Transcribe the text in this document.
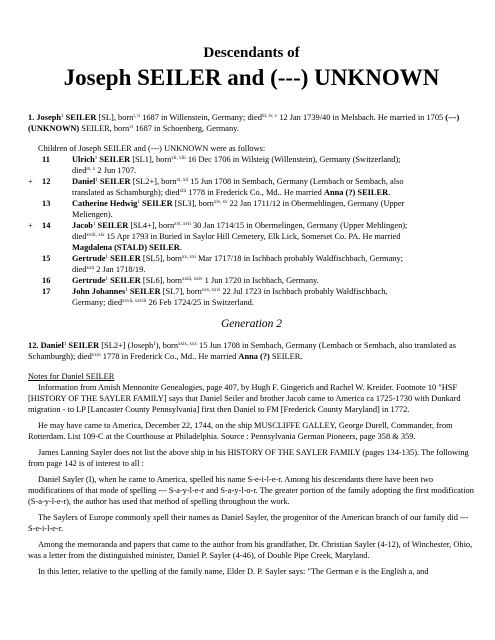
Descendants of
Joseph SEILER and (---) UNKNOWN

1. Joseph$^1$ SEILER [SL], born$^{i, ii}$ 1687 in Willenstein, Germany; died$^{iii, iv, v}$ 12 Jan 1739/40 in Melsbach. He married in 1705 (---) (UNKNOWN) SEILER, born$^{vi}$ 1687 in Schoenberg, Germany.

Children of Joseph SEILER and (---) UNKNOWN were as follows:

	11	Ulrich$^1$ SEILER [SL1], born$^{vii, viii}$ 16 Dec 1706 in Wilsteig (Willenstein), Germany (Switzerland);
died$^{ix, x}$ 2 Jun 1707.

+	12	Daniel$^1$ SEILER [SL2+], born$^{xi, xii}$ 15 Jun 1708 in Sembach, Germany (Lembach or Sembach, also
translated as Schamburgh); died$^{xiii}$ 1778 in Frederick Co., Md.. He married Anna (?) SEILER.

	13	Catherine Hedwig$^1$ SEILER [SL3], born$^{xiv, xv}$ 22 Jan 1711/12 in Obermehlingen, Germany (Upper
Meliengen).

+	14	Jacob$^1$ SEILER [SL4+], born$^{xvi, xvii}$ 30 Jan 1714/15 in Obermelingen, Germany (Upper Mehlingen);
died$^{xviii, xix}$ 15 Apr 1793 in Buried in Saylor Hill Cemetery, Elk Lick, Somerset Co. PA. He married
Magdalena (STALD) SEILER.

	15	Gertrude$^1$ SEILER [SL5], born$^{xx, xxi}$ Mar 1717/18 in Ischbach probably Waldfischbach, Germany;
died$^{xxii}$ 2 Jan 1718/19.

	16	Gertrude$^1$ SEILER [SL6], born$^{xxiii, xxiv}$ 1 Jun 1720 in Ischbach, Germany.

	17	John Johannes$^1$ SEILER [SL7], born$^{xxv, xxvi}$ 22 Jul 1723 in Ischbach probably Waldfischbach,
Germany; died$^{xxvii, xxviii}$ 26 Feb 1724/25 in Switzerland.

Generation 2

12. Daniel$^1$ SEILER [SL2+] (Joseph$^1$), born$^{xxix, xxx}$ 15 Jun 1708 in Sembach, Germany (Lembach or Sembach, also translated as Schamburgh); died$^{xxxi}$ 1778 in Frederick Co., Md.. He married Anna (?) SEILER.

Notes for Daniel SEILER

Information from Amish Mennonite Genealogies, page 407, by Hugh F. Gingerich and Rachel W. Kreider. Footnote 10 "HSF [HISTORY OF THE SAYLER FAMILY] says that Daniel Seiler and brother Jacob came to America ca 1725-1730 with Dunkard migration - to LP [Lancaster County Pennsylvania] first then Daniel to FM [Frederick County Maryland] in 1772.

He may have came to America, December 22, 1744, on the ship MUSCLIFFE GALLEY, George Durell, Commander, from Rotterdam. List 109-C at the Courthouse at Philadelphia. Source : Pennsylvania German Pioneers, page 358 & 359.

James Lanning Sayler does not list the above ship in his HISTORY OF THE SAYLER FAMILY (pages 134-135). The following from page 142 is of interest to all :

Daniel Sayler (I), when he came to America, spelled his name S-e-i-l-e-r. Among his descendants there have been two modifications of that mode of spelling --- S-a-y-l-e-r and S-a-y-l-o-r. The greater portion of the family adopting the first modification (S-a-y-l-e-r), the author has used that method of spelling throughout the work.

The Saylers of Europe commonly spell their names as Daniel Sayler, the progenitor of the American branch of our family did --- S-e-i-l-e-r.

Among the memoranda and papers that came to the author from his grandfather, Dr. Christian Sayler (4-12), of Winchester, Ohio, was a letter from the distinguished minister, Daniel P. Sayler (4-46), of Double Pipe Creek, Maryland.

In this letter, relative to the spelling of the family name, Elder D. P. Sayler says: "The German e is the English a, and
